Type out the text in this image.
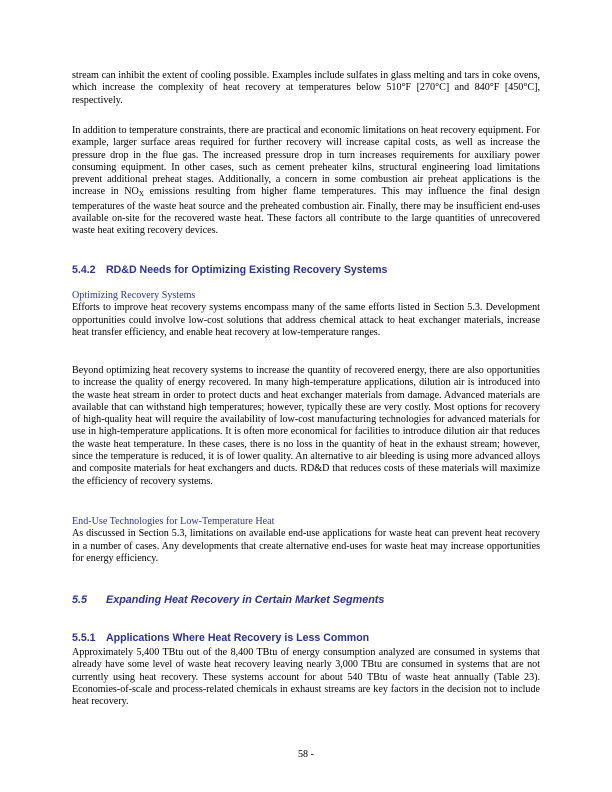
stream can inhibit the extent of cooling possible. Examples include sulfates in glass melting and tars in coke ovens, which increase the complexity of heat recovery at temperatures below 510°F [270°C] and 840°F [450°C], respectively.

In addition to temperature constraints, there are practical and economic limitations on heat recovery equipment. For example, larger surface areas required for further recovery will increase capital costs, as well as increase the pressure drop in the flue gas. The increased pressure drop in turn increases requirements for auxiliary power consuming equipment. In other cases, such as cement preheater kilns, structural engineering load limitations prevent additional preheat stages. Additionally, a concern in some combustion air preheat applications is the increase in $NO_X$ emissions resulting from higher flame temperatures. This may influence the final design temperatures of the waste heat source and the preheated combustion air. Finally, there may be insufficient end-uses available on-site for the recovered waste heat. These factors all contribute to the large quantities of unrecovered waste heat exiting recovery devices.

5.4.2 RD&D Needs for Optimizing Existing Recovery Systems

Optimizing Recovery Systems
Efforts to improve heat recovery systems encompass many of the same efforts listed in Section 5.3. Development opportunities could involve low-cost solutions that address chemical attack to heat exchanger materials, increase heat transfer efficiency, and enable heat recovery at low-temperature ranges.

Beyond optimizing heat recovery systems to increase the quantity of recovered energy, there are also opportunities to increase the quality of energy recovered. In many high-temperature applications, dilution air is introduced into the waste heat stream in order to protect ducts and heat exchanger materials from damage. Advanced materials are available that can withstand high temperatures; however, typically these are very costly. Most options for recovery of high-quality heat will require the availability of low-cost manufacturing technologies for advanced materials for use in high-temperature applications. It is often more economical for facilities to introduce dilution air that reduces the waste heat temperature. In these cases, there is no loss in the quantity of heat in the exhaust stream; however, since the temperature is reduced, it is of lower quality. An alternative to air bleeding is using more advanced alloys and composite materials for heat exchangers and ducts. RD&D that reduces costs of these materials will maximize the efficiency of recovery systems.

End-Use Technologies for Low-Temperature Heat
As discussed in Section 5.3, limitations on available end-use applications for waste heat can prevent heat recovery in a number of cases. Any developments that create alternative end-uses for waste heat may increase opportunities for energy efficiency.

5.5 Expanding Heat Recovery in Certain Market Segments
5.5.1 Applications Where Heat Recovery is Less Common

Approximately 5,400 TBtu out of the 8,400 TBtu of energy consumption analyzed are consumed in systems that already have some level of waste heat recovery leaving nearly 3,000 TBtu are consumed in systems that are not currently using heat recovery. These systems account for about 540 TBtu of waste heat annually (Table 23). Economies-of-scale and process-related chemicals in exhaust streams are key factors in the decision not to include heat recovery.

58 -
